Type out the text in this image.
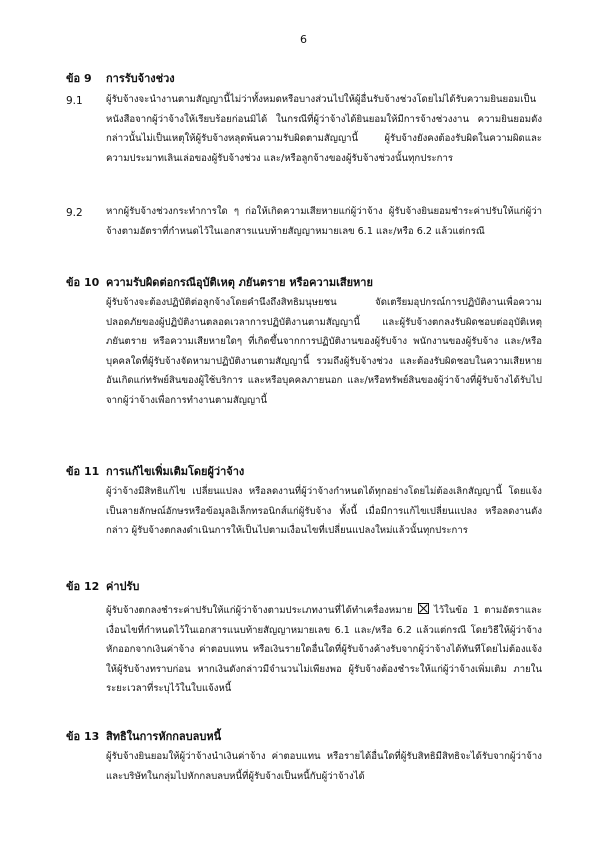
6
ข้อ 9 การรับจ้างช่วง
9.1 ผู้รับจ้างจะนำงานตามสัญญานี้ไม่ว่าทั้งหมดหรือบางส่วนไปให้ผู้อื่นรับจ้างช่วงโดยไม่ได้รับความยินยอมเป็นหนังสือจากผู้ว่าจ้างให้เรียบร้อยก่อนมิได้ ในกรณีที่ผู้ว่าจ้างได้ยินยอมให้มีการจ้างช่วงงาน ความยินยอมดังกล่าวนั้นไม่เป็นเหตุให้ผู้รับจ้างหลุดพ้นความรับผิดตามสัญญานี้ ผู้รับจ้างยังคงต้องรับผิดในความผิดและความประมาทเลินเล่อของผู้รับจ้างช่วง และ/หรือลูกจ้างของผู้รับจ้างช่วงนั้นทุกประการ
9.2 หากผู้รับจ้างช่วงกระทำการใด ๆ ก่อให้เกิดความเสียหายแก่ผู้ว่าจ้าง ผู้รับจ้างยินยอมชำระค่าปรับให้แก่ผู้ว่าจ้างตามอัตราที่กำหนดไว้ในเอกสารแนบท้ายสัญญาหมายเลข 6.1 และ/หรือ 6.2 แล้วแต่กรณี
ข้อ 10 ความรับผิดต่อกรณีอุบัติเหตุ ภยันตราย หรือความเสียหาย
ผู้รับจ้างจะต้องปฏิบัติต่อลูกจ้างโดยคำนึงถึงสิทธิมนุษยชน จัดเตรียมอุปกรณ์การปฏิบัติงานเพื่อความปลอดภัยของผู้ปฏิบัติงานตลอดเวลาการปฏิบัติงานตามสัญญานี้ และผู้รับจ้างตกลงรับผิดชอบต่ออุบัติเหตุ ภยันตราย หรือความเสียหายใดๆ ที่เกิดขึ้นจากการปฏิบัติงานของผู้รับจ้าง พนักงานของผู้รับจ้าง และ/หรือบุคคลใดที่ผู้รับจ้างจัดหามาปฏิบัติงานตามสัญญานี้ รวมถึงผู้รับจ้างช่วง และต้องรับผิดชอบในความเสียหายอันเกิดแก่ทรัพย์สินของผู้ใช้บริการ และหรือบุคคลภายนอก และ/หรือทรัพย์สินของผู้ว่าจ้างที่ผู้รับจ้างได้รับไปจากผู้ว่าจ้างเพื่อการทำงานตามสัญญานี้
ข้อ 11 การแก้ไขเพิ่มเติมโดยผู้ว่าจ้าง
ผู้ว่าจ้างมีสิทธิแก้ไข เปลี่ยนแปลง หรือลดงานที่ผู้ว่าจ้างกำหนดได้ทุกอย่างโดยไม่ต้องเลิกสัญญานี้ โดยแจ้งเป็นลายลักษณ์อักษรหรือข้อมูลอิเล็กทรอนิกส์แก่ผู้รับจ้าง ทั้งนี้ เมื่อมีการแก้ไขเปลี่ยนแปลง หรือลดงานดังกล่าว ผู้รับจ้างตกลงดำเนินการให้เป็นไปตามเงื่อนไขที่เปลี่ยนแปลงใหม่แล้วนั้นทุกประการ
ข้อ 12 ค่าปรับ
ผู้รับจ้างตกลงชำระค่าปรับให้แก่ผู้ว่าจ้างตามประเภทงานที่ได้ทำเครื่องหมาย ไว้ในข้อ 1 ตามอัตราและเงื่อนไขที่กำหนดไว้ในเอกสารแนบท้ายสัญญาหมายเลข 6.1 และ/หรือ 6.2 แล้วแต่กรณี โดยวิธีให้ผู้ว่าจ้างหักออกจากเงินค่าจ้าง ค่าตอบแทน หรือเงินรายใดอื่นใดที่ผู้รับจ้างค้างรับจากผู้ว่าจ้างได้ทันทีโดยไม่ต้องแจ้งให้ผู้รับจ้างทราบก่อน หากเงินดังกล่าวมีจำนวนไม่เพียงพอ ผู้รับจ้างต้องชำระให้แก่ผู้ว่าจ้างเพิ่มเติม ภายในระยะเวลาที่ระบุไว้ในใบแจ้งหนี้
ข้อ 13 สิทธิในการหักกลบลบหนี้
ผู้รับจ้างยินยอมให้ผู้ว่าจ้างนำเงินค่าจ้าง ค่าตอบแทน หรือรายได้อื่นใดที่ผู้รับสิทธิมีสิทธิจะได้รับจากผู้ว่าจ้างและบริษัทในกลุ่มไปหักกลบลบหนี้ที่ผู้รับจ้างเป็นหนี้กับผู้ว่าจ้างได้
